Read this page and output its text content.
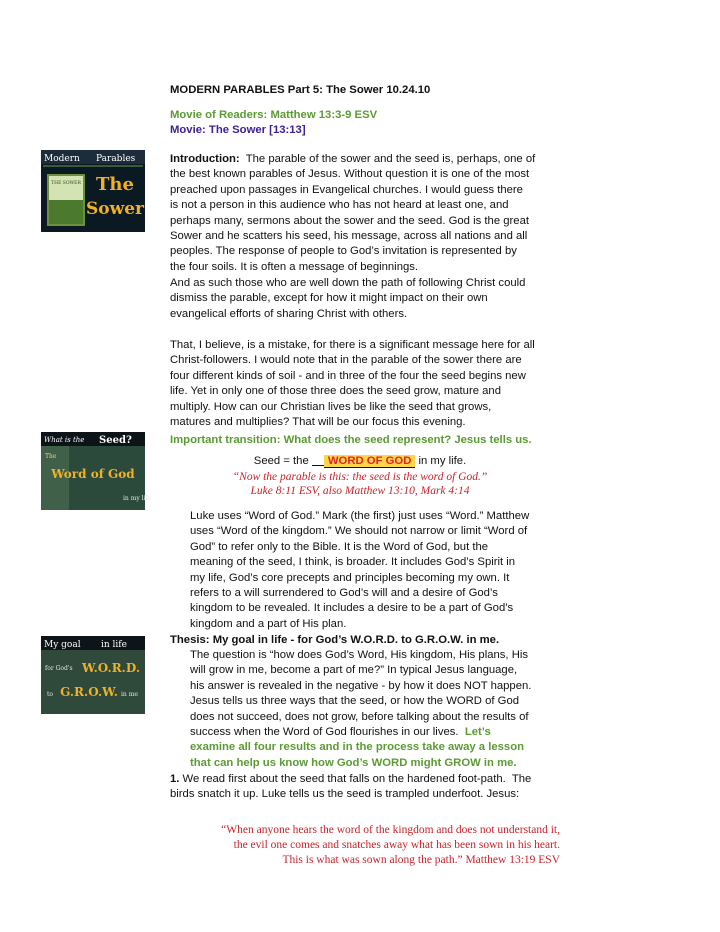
MODERN PARABLES Part 5: The Sower 10.24.10
Movie of Readers: Matthew 13:3-9 ESV
Movie: The Sower [13:13]
Modern Parables
THE SOWER The
Sower
Introduction:  The parable of the sower and the seed is, perhaps, one of
the best known parables of Jesus. Without question it is one of the most
preached upon passages in Evangelical churches. I would guess there
is not a person in this audience who has not heard at least one, and
perhaps many, sermons about the sower and the seed. God is the great
Sower and he scatters his seed, his message, across all nations and all
peoples. The response of people to God’s invitation is represented by
the four soils. It is often a message of beginnings.
And as such those who are well down the path of following Christ could
dismiss the parable, except for how it might impact on their own
evangelical efforts of sharing Christ with others.
That, I believe, is a mistake, for there is a significant message here for all
Christ-followers. I would note that in the parable of the sower there are
four different kinds of soil - and in three of the four the seed begins new
life. Yet in only one of those three does the seed grow, mature and
multiply. How can our Christian lives be like the seed that grows,
matures and multiplies? That will be our focus this evening.
What is the Seed?
The
Word of God
in my life
Important transition: What does the seed represent? Jesus tells us.
Seed = the WORD OF GOD in my life.
“Now the parable is this: the seed is the word of God.”
Luke 8:11 ESV, also Matthew 13:10, Mark 4:14
Luke uses “Word of God.” Mark (the first) just uses “Word.” Matthew
uses “Word of the kingdom.” We should not narrow or limit “Word of
God” to refer only to the Bible. It is the Word of God, but the
meaning of the seed, I think, is broader. It includes God’s Spirit in
my life, God’s core precepts and principles becoming my own. It
refers to a will surrendered to God’s will and a desire of God’s
kingdom to be revealed. It includes a desire to be a part of God’s
kingdom and a part of His plan.
My goal in life
for God's W.O.R.D.
to G.R.O.W. in me
Thesis: My goal in life - for God’s W.O.R.D. to G.R.O.W. in me.
The question is “how does God’s Word, His kingdom, His plans, His
will grow in me, become a part of me?” In typical Jesus language,
his answer is revealed in the negative - by how it does NOT happen.
Jesus tells us three ways that the seed, or how the WORD of God
does not succeed, does not grow, before talking about the results of
success when the Word of God flourishes in our lives.  Let’s
examine all four results and in the process take away a lesson
that can help us know how God’s WORD might GROW in me.
1. We read first about the seed that falls on the hardened foot-path.  The
birds snatch it up. Luke tells us the seed is trampled underfoot. Jesus:
“When anyone hears the word of the kingdom and does not understand it,
the evil one comes and snatches away what has been sown in his heart.
This is what was sown along the path.” Matthew 13:19 ESV
